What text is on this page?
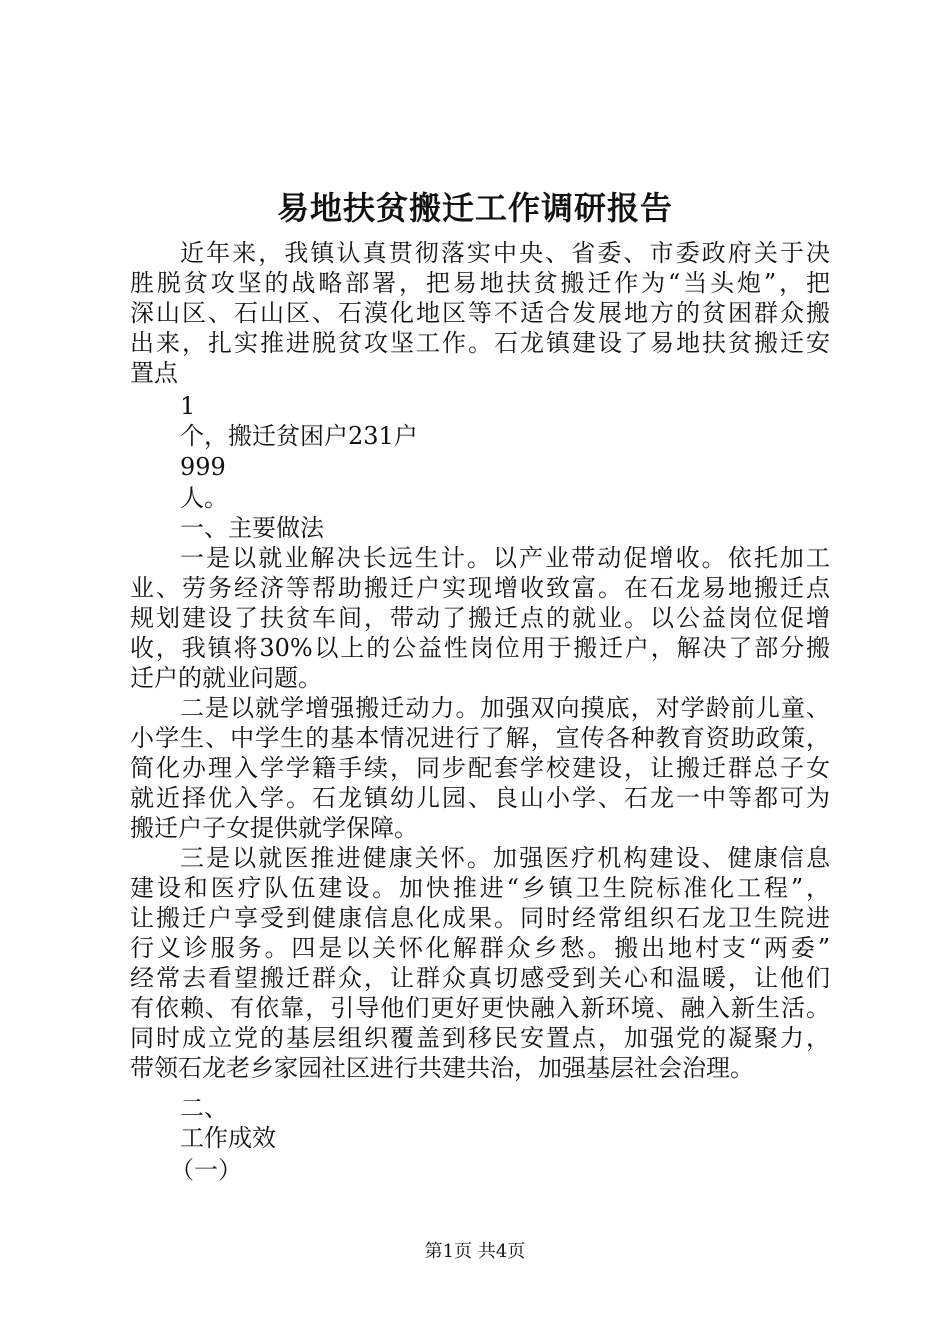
易地扶贫搬迁工作调研报告
近年来，我镇认真贯彻落实中央、省委、市委政府关于决
胜脱贫攻坚的战略部署，把易地扶贫搬迁作为“当头炮”，把
深山区、石山区、石漠化地区等不适合发展地方的贫困群众搬
出来，扎实推进脱贫攻坚工作。石龙镇建设了易地扶贫搬迁安
置点
1
个，搬迁贫困户231户
999
人。
一、主要做法
一是以就业解决长远生计。以产业带动促增收。依托加工
业、劳务经济等帮助搬迁户实现增收致富。在石龙易地搬迁点
规划建设了扶贫车间，带动了搬迁点的就业。以公益岗位促增
收，我镇将30%以上的公益性岗位用于搬迁户，解决了部分搬
迁户的就业问题。
二是以就学增强搬迁动力。加强双向摸底，对学龄前儿童、
小学生、中学生的基本情况进行了解，宣传各种教育资助政策，
简化办理入学学籍手续，同步配套学校建设，让搬迁群总子女
就近择优入学。石龙镇幼儿园、良山小学、石龙一中等都可为
搬迁户子女提供就学保障。
三是以就医推进健康关怀。加强医疗机构建设、健康信息
建设和医疗队伍建设。加快推进“乡镇卫生院标准化工程”，
让搬迁户享受到健康信息化成果。同时经常组织石龙卫生院进
行义诊服务。四是以关怀化解群众乡愁。搬出地村支“两委”
经常去看望搬迁群众，让群众真切感受到关心和温暖，让他们
有依赖、有依靠，引导他们更好更快融入新环境、融入新生活。
同时成立党的基层组织覆盖到移民安置点，加强党的凝聚力，
带领石龙老乡家园社区进行共建共治，加强基层社会治理。
二、
工作成效
（一）
第1页 共4页
